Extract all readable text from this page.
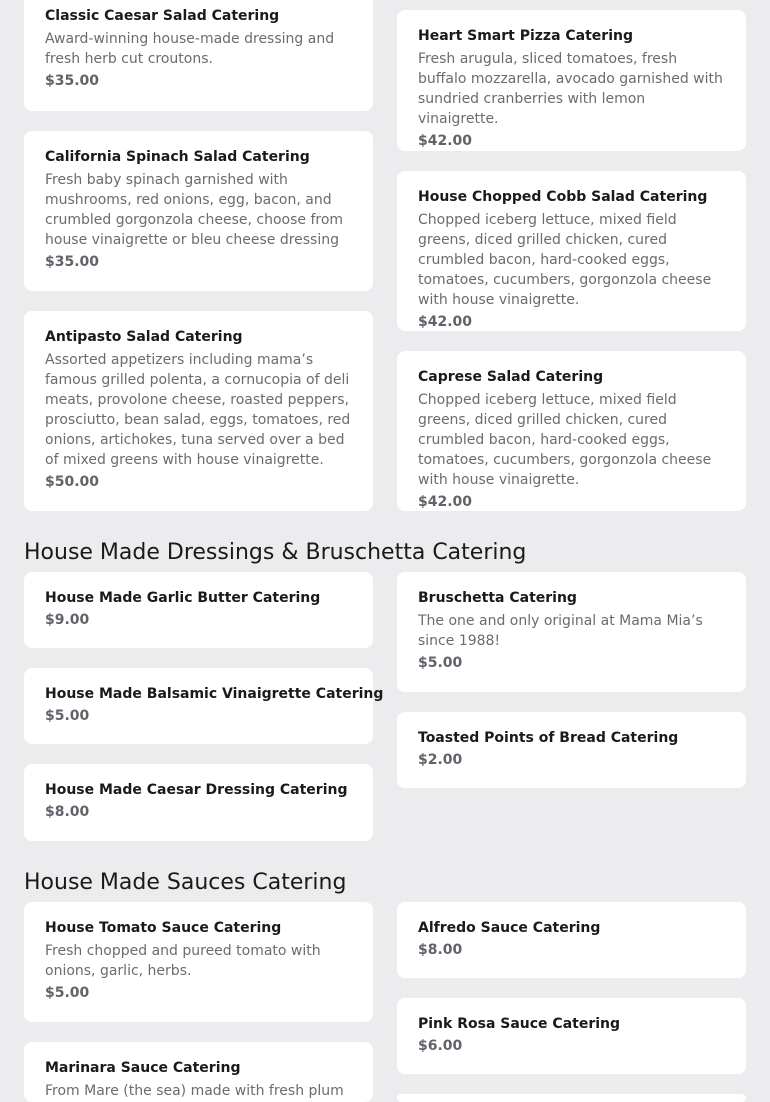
Classic Caesar Salad Catering
Award-winning house-made dressing and fresh herb cut croutons.
$35.00
California Spinach Salad Catering
Fresh baby spinach garnished with mushrooms, red onions, egg, bacon, and crumbled gorgonzola cheese, choose from house vinaigrette or bleu cheese dressing
$35.00
Antipasto Salad Catering
Assorted appetizers including mama’s famous grilled polenta, a cornucopia of deli meats, provolone cheese, roasted peppers, prosciutto, bean salad, eggs, tomatoes, red onions, artichokes, tuna served over a bed of mixed greens with house vinaigrette.
$50.00
Heart Smart Pizza Catering
Fresh arugula, sliced tomatoes, fresh buffalo mozzarella, avocado garnished with sundried cranberries with lemon vinaigrette.
$42.00
House Chopped Cobb Salad Catering
Chopped iceberg lettuce, mixed field greens, diced grilled chicken, cured crumbled bacon, hard-cooked eggs, tomatoes, cucumbers, gorgonzola cheese with house vinaigrette.
$42.00
Caprese Salad Catering
Chopped iceberg lettuce, mixed field greens, diced grilled chicken, cured crumbled bacon, hard-cooked eggs, tomatoes, cucumbers, gorgonzola cheese with house vinaigrette.
$42.00
House Made Dressings & Bruschetta Catering
House Made Garlic Butter Catering
$9.00
House Made Balsamic Vinaigrette Catering
$5.00
House Made Caesar Dressing Catering
$8.00
Bruschetta Catering
The one and only original at Mama Mia’s since 1988!
$5.00
Toasted Points of Bread Catering
$2.00
House Made Sauces Catering
House Tomato Sauce Catering
Fresh chopped and pureed tomato with onions, garlic, herbs.
$5.00
Marinara Sauce Catering
From Mare (the sea) made with fresh plum
Alfredo Sauce Catering
$8.00
Pink Rosa Sauce Catering
$6.00
